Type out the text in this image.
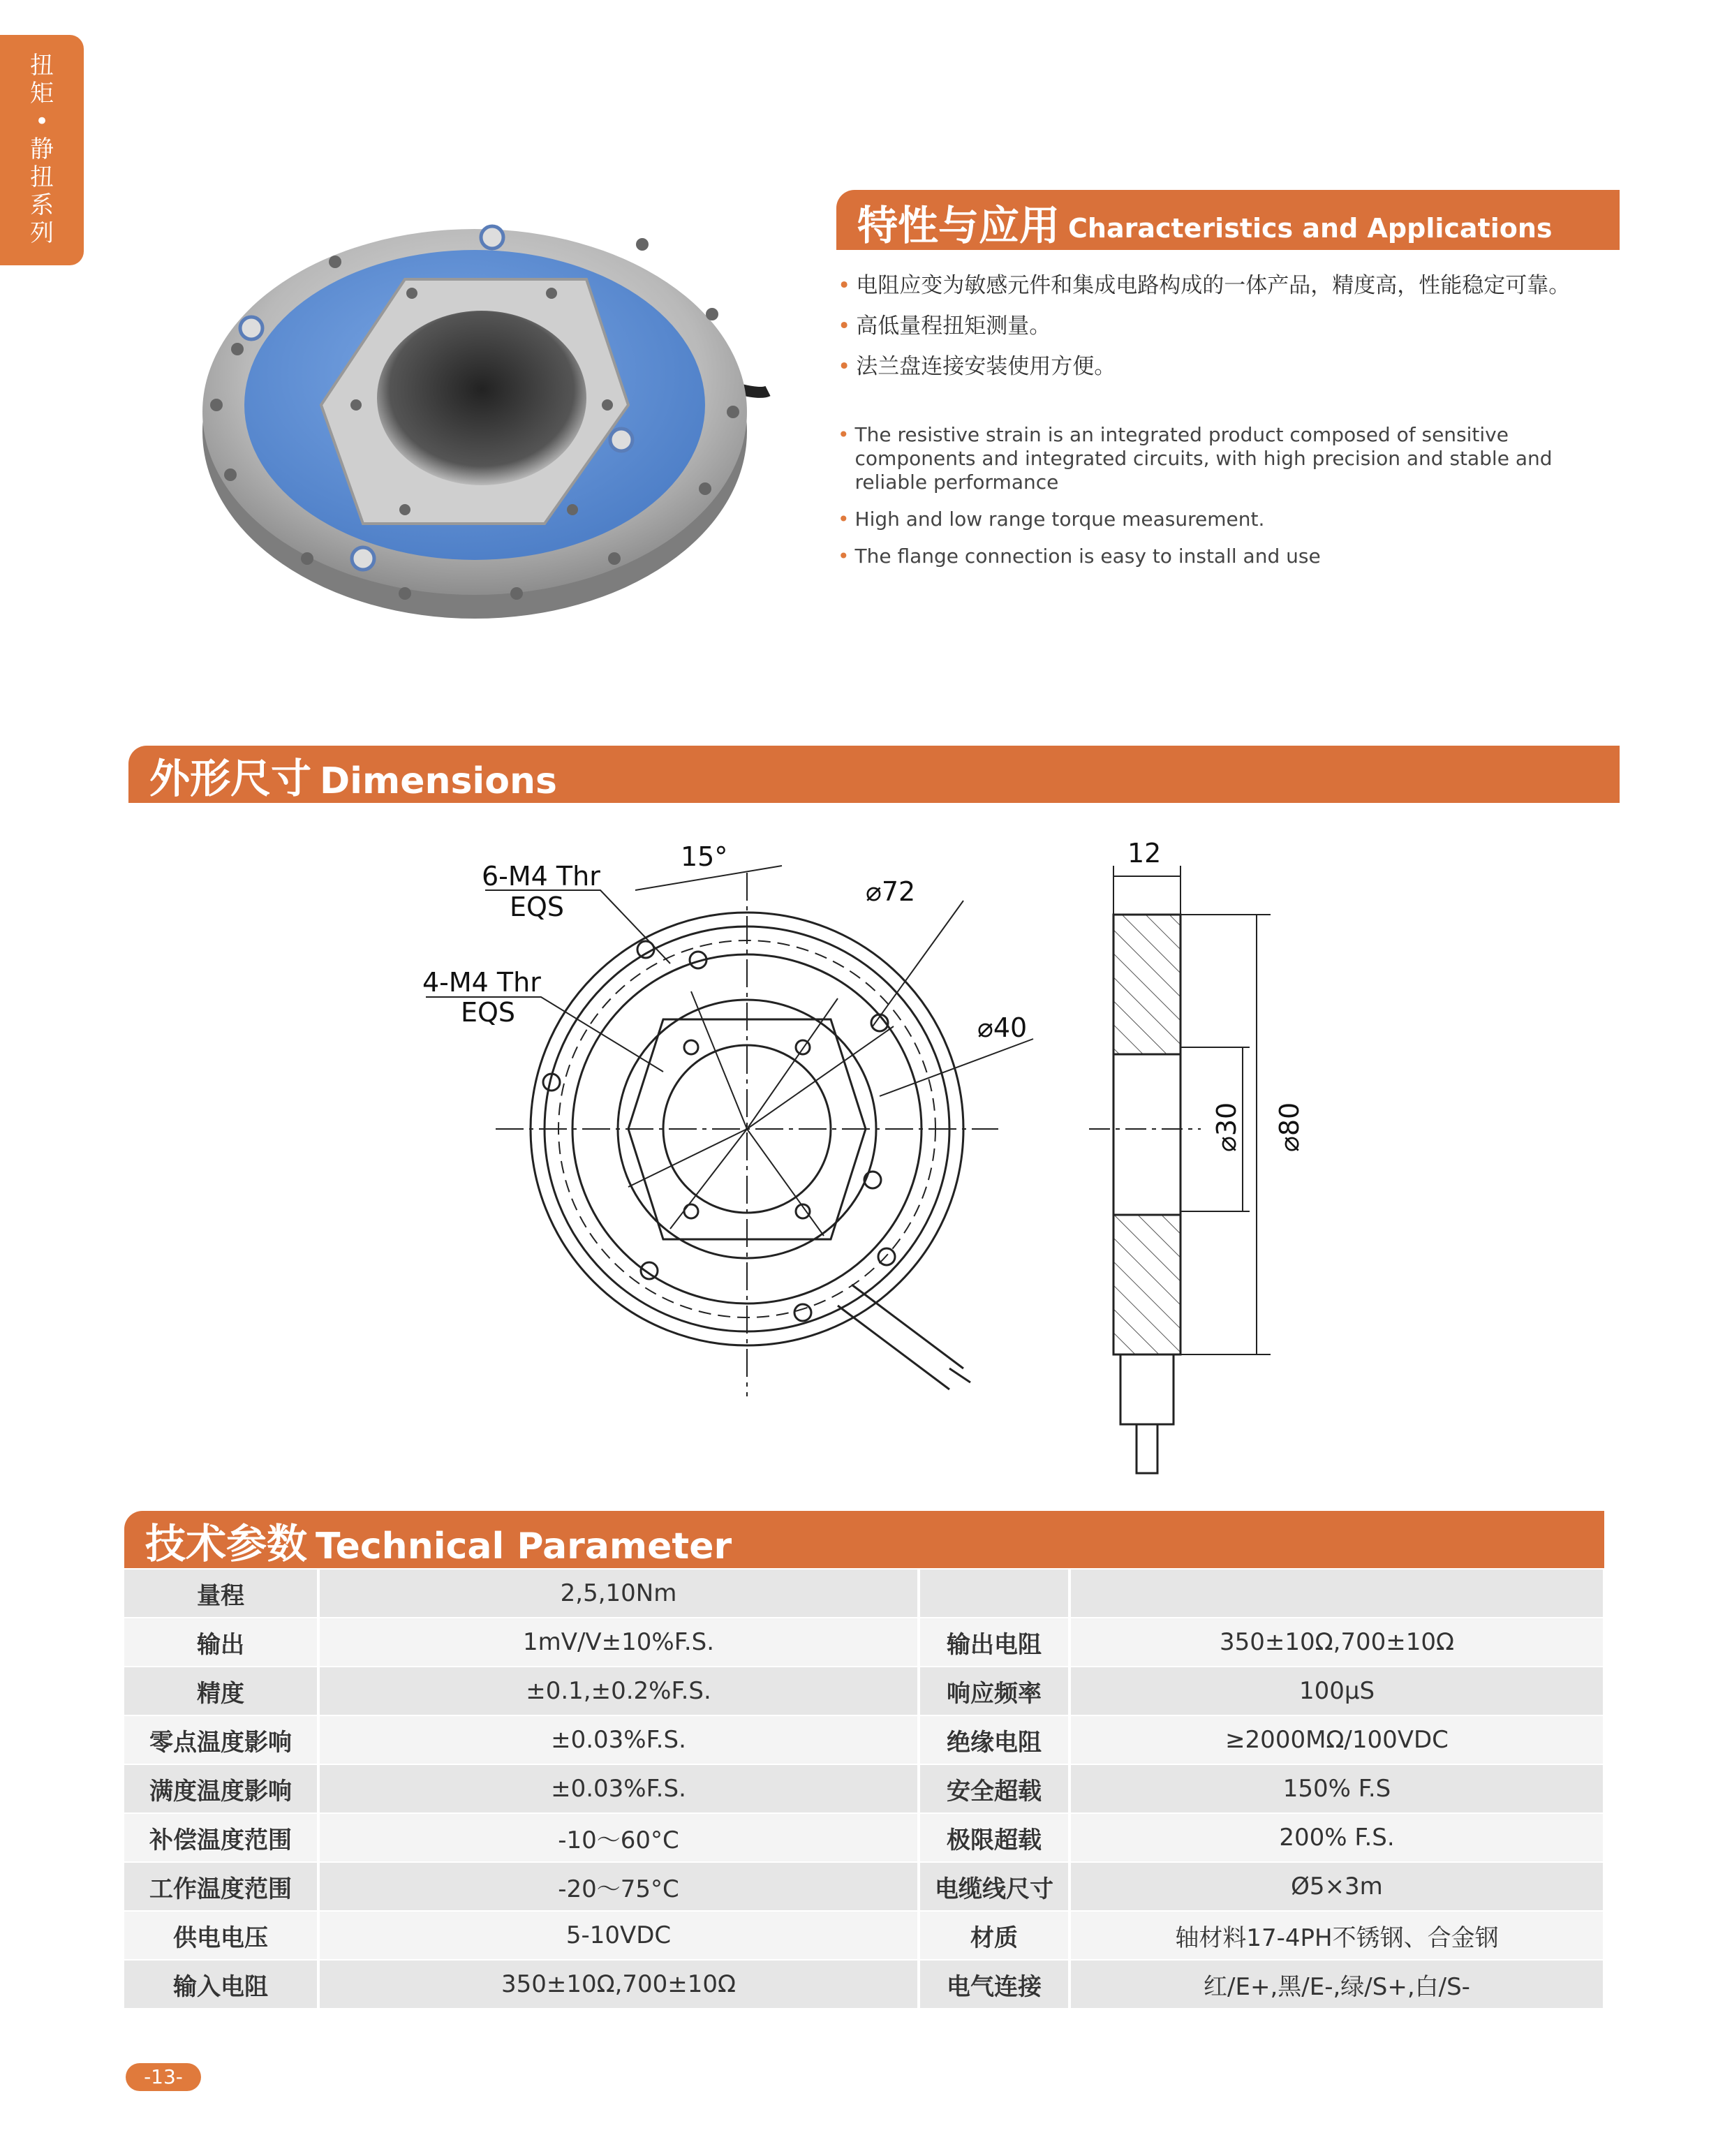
扭
矩
•
静
扭
系
列	特性与应用 Characteristics and Applications
• 电阻应变为敏感元件和集成电路构成的一体产品，精度高，性能稳定可靠。
• 高低量程扭矩测量。
• 法兰盘连接安装使用方便。
• The resistive strain is an integrated product composed of sensitive components and integrated circuits, with high precision and stable and reliable performance
• High and low range torque measurement.
• The flange connection is easy to install and use
外形尺寸 Dimensions
6-M4 Thr
EQS
4-M4 Thr
EQS
15°
⌀72
⌀40
12
⌀30 ⌀80
技术参数 Technical Parameter
量程	2,5,10Nm		
输出	1mV/V±10%F.S.	输出电阻	350±10Ω,700±10Ω
精度	±0.1,±0.2%F.S.	响应频率	100μS
零点温度影响	±0.03%F.S.	绝缘电阻	≥2000MΩ/100VDC
满度温度影响	±0.03%F.S.	安全超载	150% F.S
补偿温度范围	-10～60°C	极限超载	200% F.S.
工作温度范围	-20～75°C	电缆线尺寸	Ø5×3m
供电电压	5-10VDC	材质	轴材料17-4PH不锈钢、合金钢
输入电阻	350±10Ω,700±10Ω	电气连接	红/E+,黑/E-,绿/S+,白/S-
-13-
